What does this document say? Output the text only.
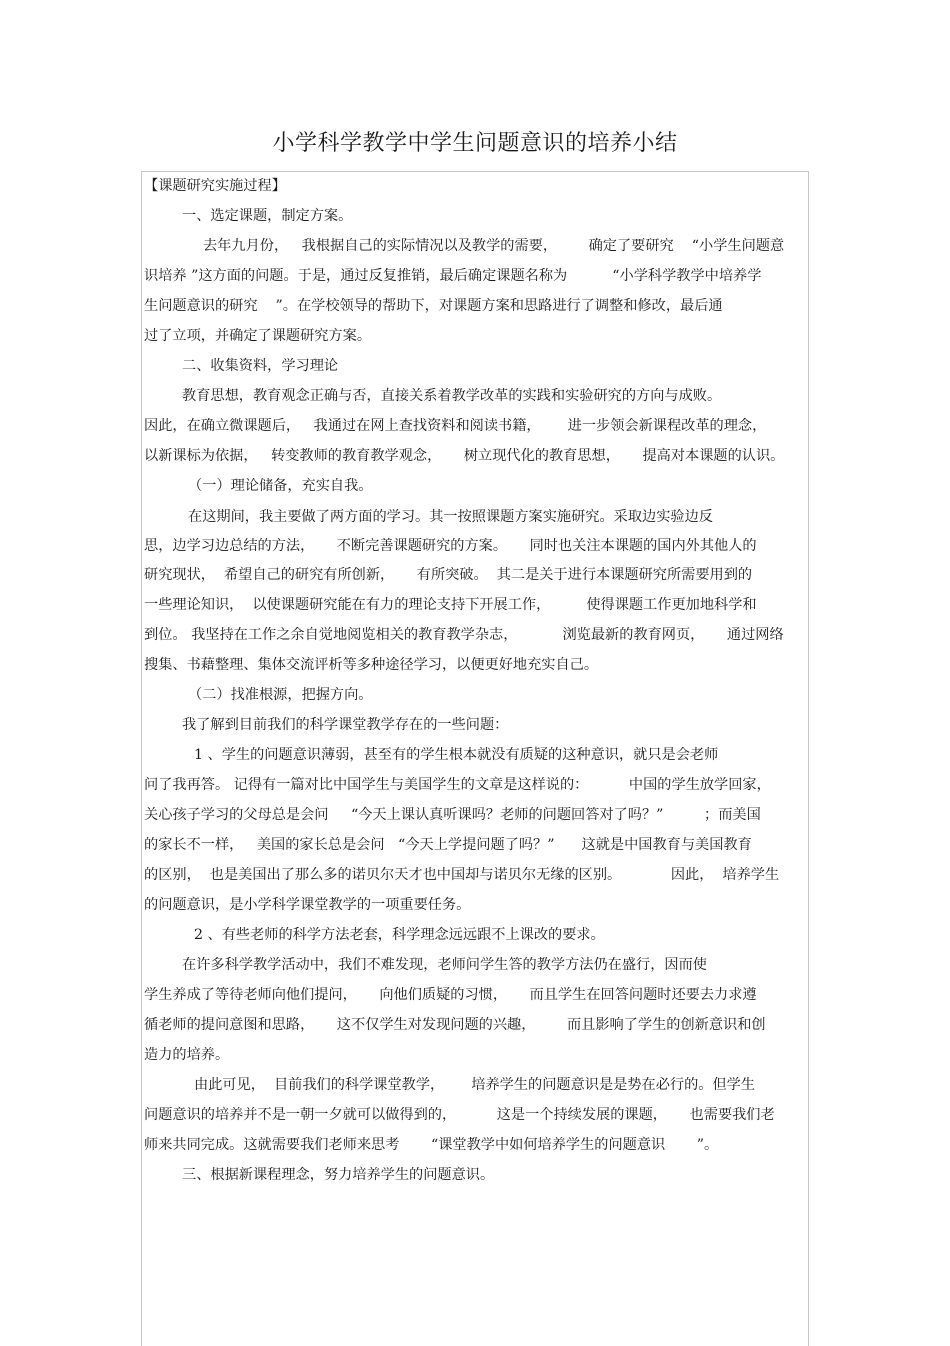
小学科学教学中学生问题意识的培养小结
【课题研究实施过程】
一、选定课题，制定方案。
去年九月份，   我根据自己的实际情况以及教学的需要，       确定了要研究    “小学生问题意
识培养 ”这方面的问题。于是，通过反复推销，最后确定课题名称为          “小学科学教学中培养学
生问题意识的研究    ”。在学校领导的帮助下，对课题方案和思路进行了调整和修改，最后通
过了立项，并确定了课题研究方案。
二、收集资料，学习理论
教育思想，教育观念正确与否，直接关系着教学改革的实践和实验研究的方向与成败。
因此，在确立微课题后，   我通过在网上查找资料和阅读书籍，      进一步领会新课程改革的理念，
以新课标为依据，   转变教师的教育教学观念，     树立现代化的教育思想，     提高对本课题的认识。
（一）理论储备，充实自我。
在这期间，我主要做了两方面的学习。其一按照课题方案实施研究。采取边实验边反
思，边学习边总结的方法，     不断完善课题研究的方案。     同时也关注本课题的国内外其他人的
研究现状，  希望自己的研究有所创新，     有所突破。  其二是关于进行本课题研究所需要用到的
一些理论知识，  以使课题研究能在有力的理论支持下开展工作，        使得课题工作更加地科学和
到位。 我坚持在工作之余自觉地阅览相关的教育教学杂志，          浏览最新的教育网页，     通过网络
搜集、书藉整理、集体交流评析等多种途径学习，以便更好地充实自己。
（二）找准根源，把握方向。
我了解到目前我们的科学课堂教学存在的一些问题：
1 、学生的问题意识薄弱，甚至有的学生根本就没有质疑的这种意识，就只是会老师
问了我再答。 记得有一篇对比中国学生与美国学生的文章是这样说的：         中国的学生放学回家，
关心孩子学习的父母总是会问     “今天上课认真听课吗？老师的问题回答对了吗？”         ；而美国
的家长不一样，   美国的家长总是会问   “今天上学提问题了吗？”      这就是中国教育与美国教育
的区别，  也是美国出了那么多的诺贝尔天才也中国却与诺贝尔无缘的区别。           因此，  培养学生
的问题意识，是小学科学课堂教学的一项重要任务。
2 、有些老师的科学方法老套，科学理念远远跟不上课改的要求。
在许多科学教学活动中，我们不难发现，老师问学生答的教学方法仍在盛行，因而使
学生养成了等待老师向他们提问，     向他们质疑的习惯，     而且学生在回答问题时还要去力求遵
循老师的提问意图和思路，     这不仅学生对发现问题的兴趣，       而且影响了学生的创新意识和创
造力的培养。
由此可见，  目前我们的科学课堂教学，      培养学生的问题意识是是势在必行的。但学生
问题意识的培养并不是一朝一夕就可以做得到的，         这是一个持续发展的课题，     也需要我们老
师来共同完成。这就需要我们老师来思考       “课堂教学中如何培养学生的问题意识       ”。
三、根据新课程理念，努力培养学生的问题意识。
